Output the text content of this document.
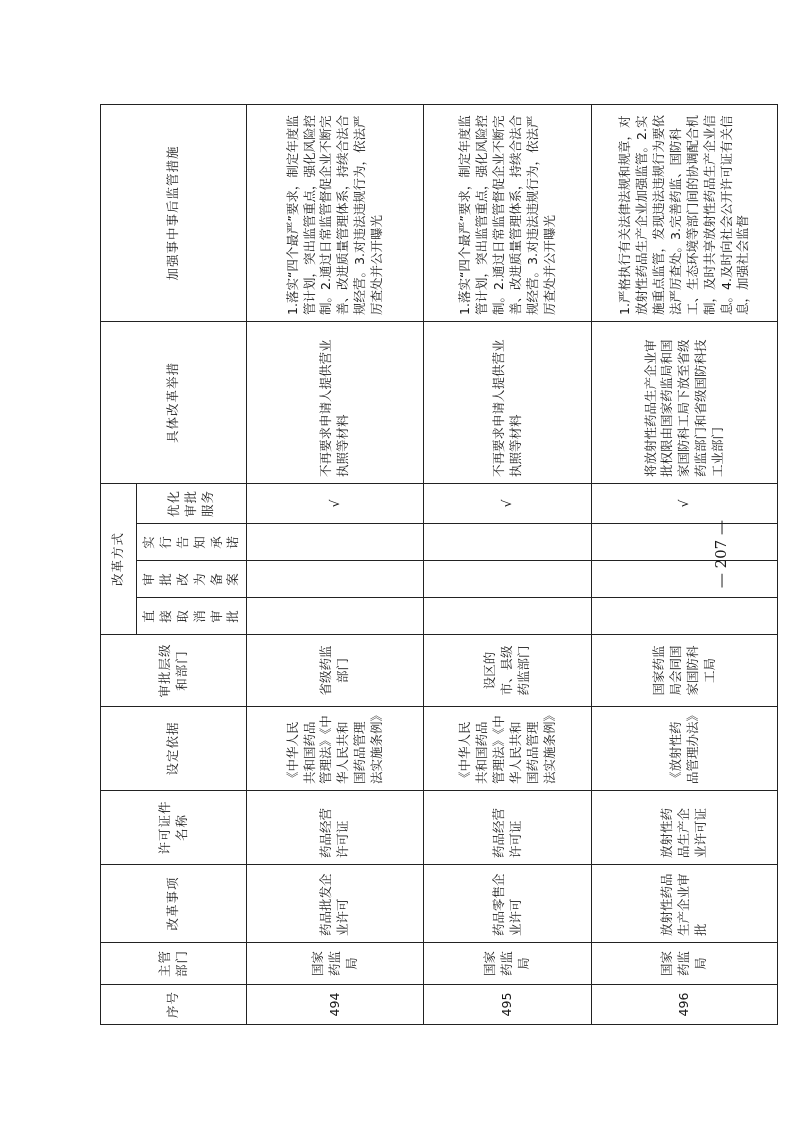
序号	主管部门	改革事项	许可证件名称	设定依据	审批层级和部门	改革方式				具体改革举措	加强事中事后监管措施
						直接取消审批	审批改为备案	实行告知承诺	优化审批服务		
494	国家药监局	药品批发企业许可	药品经营许可证	《中华人民共和国药品管理法》《中华人民共和国药品管理法实施条例》	省级药监部门				√	不再要求申请人提供营业执照等材料	1.落实“四个最严”要求，制定年度监管计划，突出监管重点，强化风险控制。2.通过日常监管督促企业不断完善、改进质量管理体系，持续合法合规经营。3.对违法违规行为，依法严厉查处并公开曝光
495	国家药监局	药品零售企业许可	药品经营许可证	《中华人民共和国药品管理法》《中华人民共和国药品管理法实施条例》	设区的市、县级药监部门				√	不再要求申请人提供营业执照等材料	1.落实“四个最严”要求，制定年度监管计划，突出监管重点，强化风险控制。2.通过日常监管督促企业不断完善、改进质量管理体系，持续合法合规经营。3.对违法违规行为，依法严厉查处并公开曝光
496	国家药监局	放射性药品生产企业审批	放射性药品生产企业许可证	《放射性药品管理办法》	国家药监局会同国家国防科工局				√	将放射性药品生产企业审批权限由国家药监局和国家国防科工局下放至省级药监部门和省级国防科技工业部门	1.严格执行有关法律法规和规章，对放射性药品生产企业加强监管。2.实施重点监管，发现违法违规行为要依法严厉查处。3.完善药监、国防科工、生态环境等部门间的协调配合机制，及时共享放射性药品生产企业信息。4.及时向社会公开许可证有关信息，加强社会监督
— 207 —
